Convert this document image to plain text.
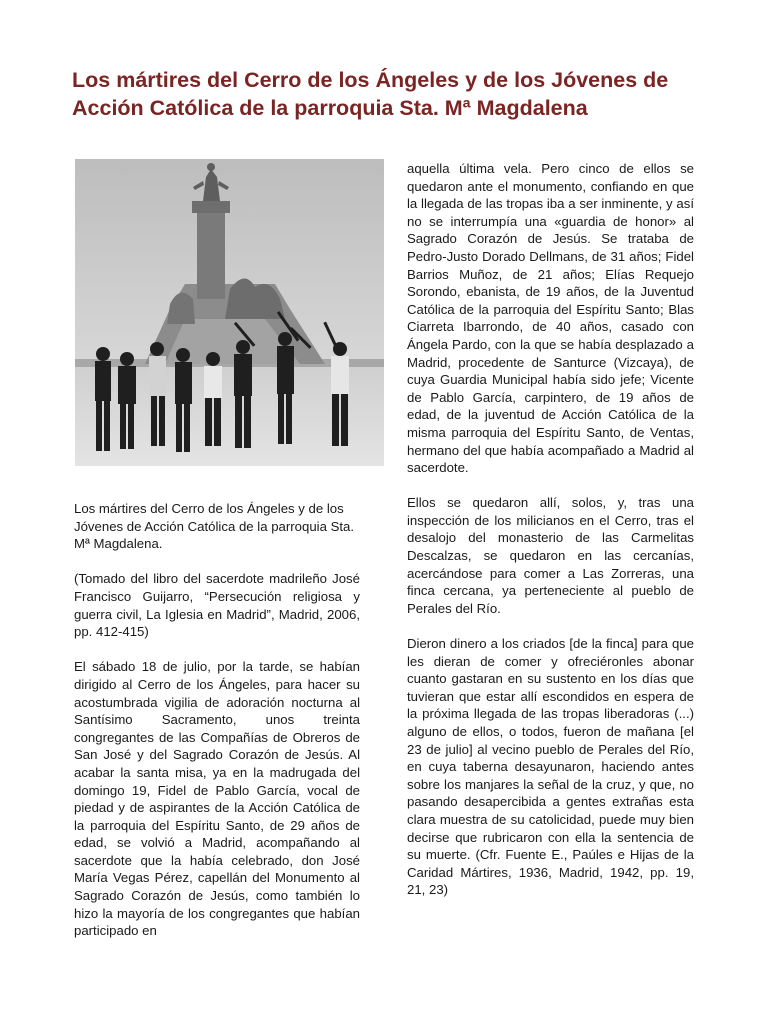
Los mártires del Cerro de los Ángeles y de los Jóvenes de Acción Católica de la parroquia Sta. Mª Magdalena

Los mártires del Cerro de los Ángeles y de los Jóvenes de Acción Católica de la parroquia Sta. Mª Magdalena.

(Tomado del libro del sacerdote madrileño José Francisco Guijarro, “Persecución religiosa y guerra civil, La Iglesia en Madrid”, Madrid, 2006, pp. 412-415)

El sábado 18 de julio, por la tarde, se habían dirigido al Cerro de los Ángeles, para hacer su acostumbrada vigilia de adoración nocturna al Santísimo Sacramento, unos treinta congregantes de las Compañías de Obreros de San José y del Sagrado Corazón de Jesús. Al acabar la santa misa, ya en la madrugada del domingo 19, Fidel de Pablo García, vocal de piedad y de aspirantes de la Acción Católica de la parroquia del Espíritu Santo, de 29 años de edad, se volvió a Madrid, acompañando al sacerdote que la había celebrado, don José María Vegas Pérez, capellán del Monumento al Sagrado Corazón de Jesús, como también lo hizo la mayoría de los congregantes que habían participado en

aquella última vela. Pero cinco de ellos se quedaron ante el monumento, confiando en que la llegada de las tropas iba a ser inminente, y así no se interrumpía una «guardia de honor» al Sagrado Corazón de Jesús. Se trataba de Pedro-Justo Dorado Dellmans, de 31 años; Fidel Barrios Muñoz, de 21 años; Elías Requejo Sorondo, ebanista, de 19 años, de la Juventud Católica de la parroquia del Espíritu Santo; Blas Ciarreta Ibarrondo, de 40 años, casado con Ángela Pardo, con la que se había desplazado a Madrid, procedente de Santurce (Vizcaya), de cuya Guardia Municipal había sido jefe; Vicente de Pablo García, carpintero, de 19 años de edad, de la juventud de Acción Católica de la misma parroquia del Espíritu Santo, de Ventas, hermano del que había acompañado a Madrid al sacerdote.

Ellos se quedaron allí, solos, y, tras una inspección de los milicianos en el Cerro, tras el desalojo del monasterio de las Carmelitas Descalzas, se quedaron en las cercanías, acercándose para comer a Las Zorreras, una finca cercana, ya perteneciente al pueblo de Perales del Río.

Dieron dinero a los criados [de la finca] para que les dieran de comer y ofreciéronles abonar cuanto gastaran en su sustento en los días que tuvieran que estar allí escondidos en espera de la próxima llegada de las tropas liberadoras (...) alguno de ellos, o todos, fueron de mañana [el 23 de julio] al vecino pueblo de Perales del Río, en cuya taberna desayunaron, haciendo antes sobre los manjares la señal de la cruz, y que, no pasando desapercibida a gentes extrañas esta clara muestra de su catolicidad, puede muy bien decirse que rubricaron con ella la sentencia de su muerte. (Cfr. Fuente E., Paúles e Hijas de la Caridad Mártires, 1936, Madrid, 1942, pp. 19, 21, 23)
